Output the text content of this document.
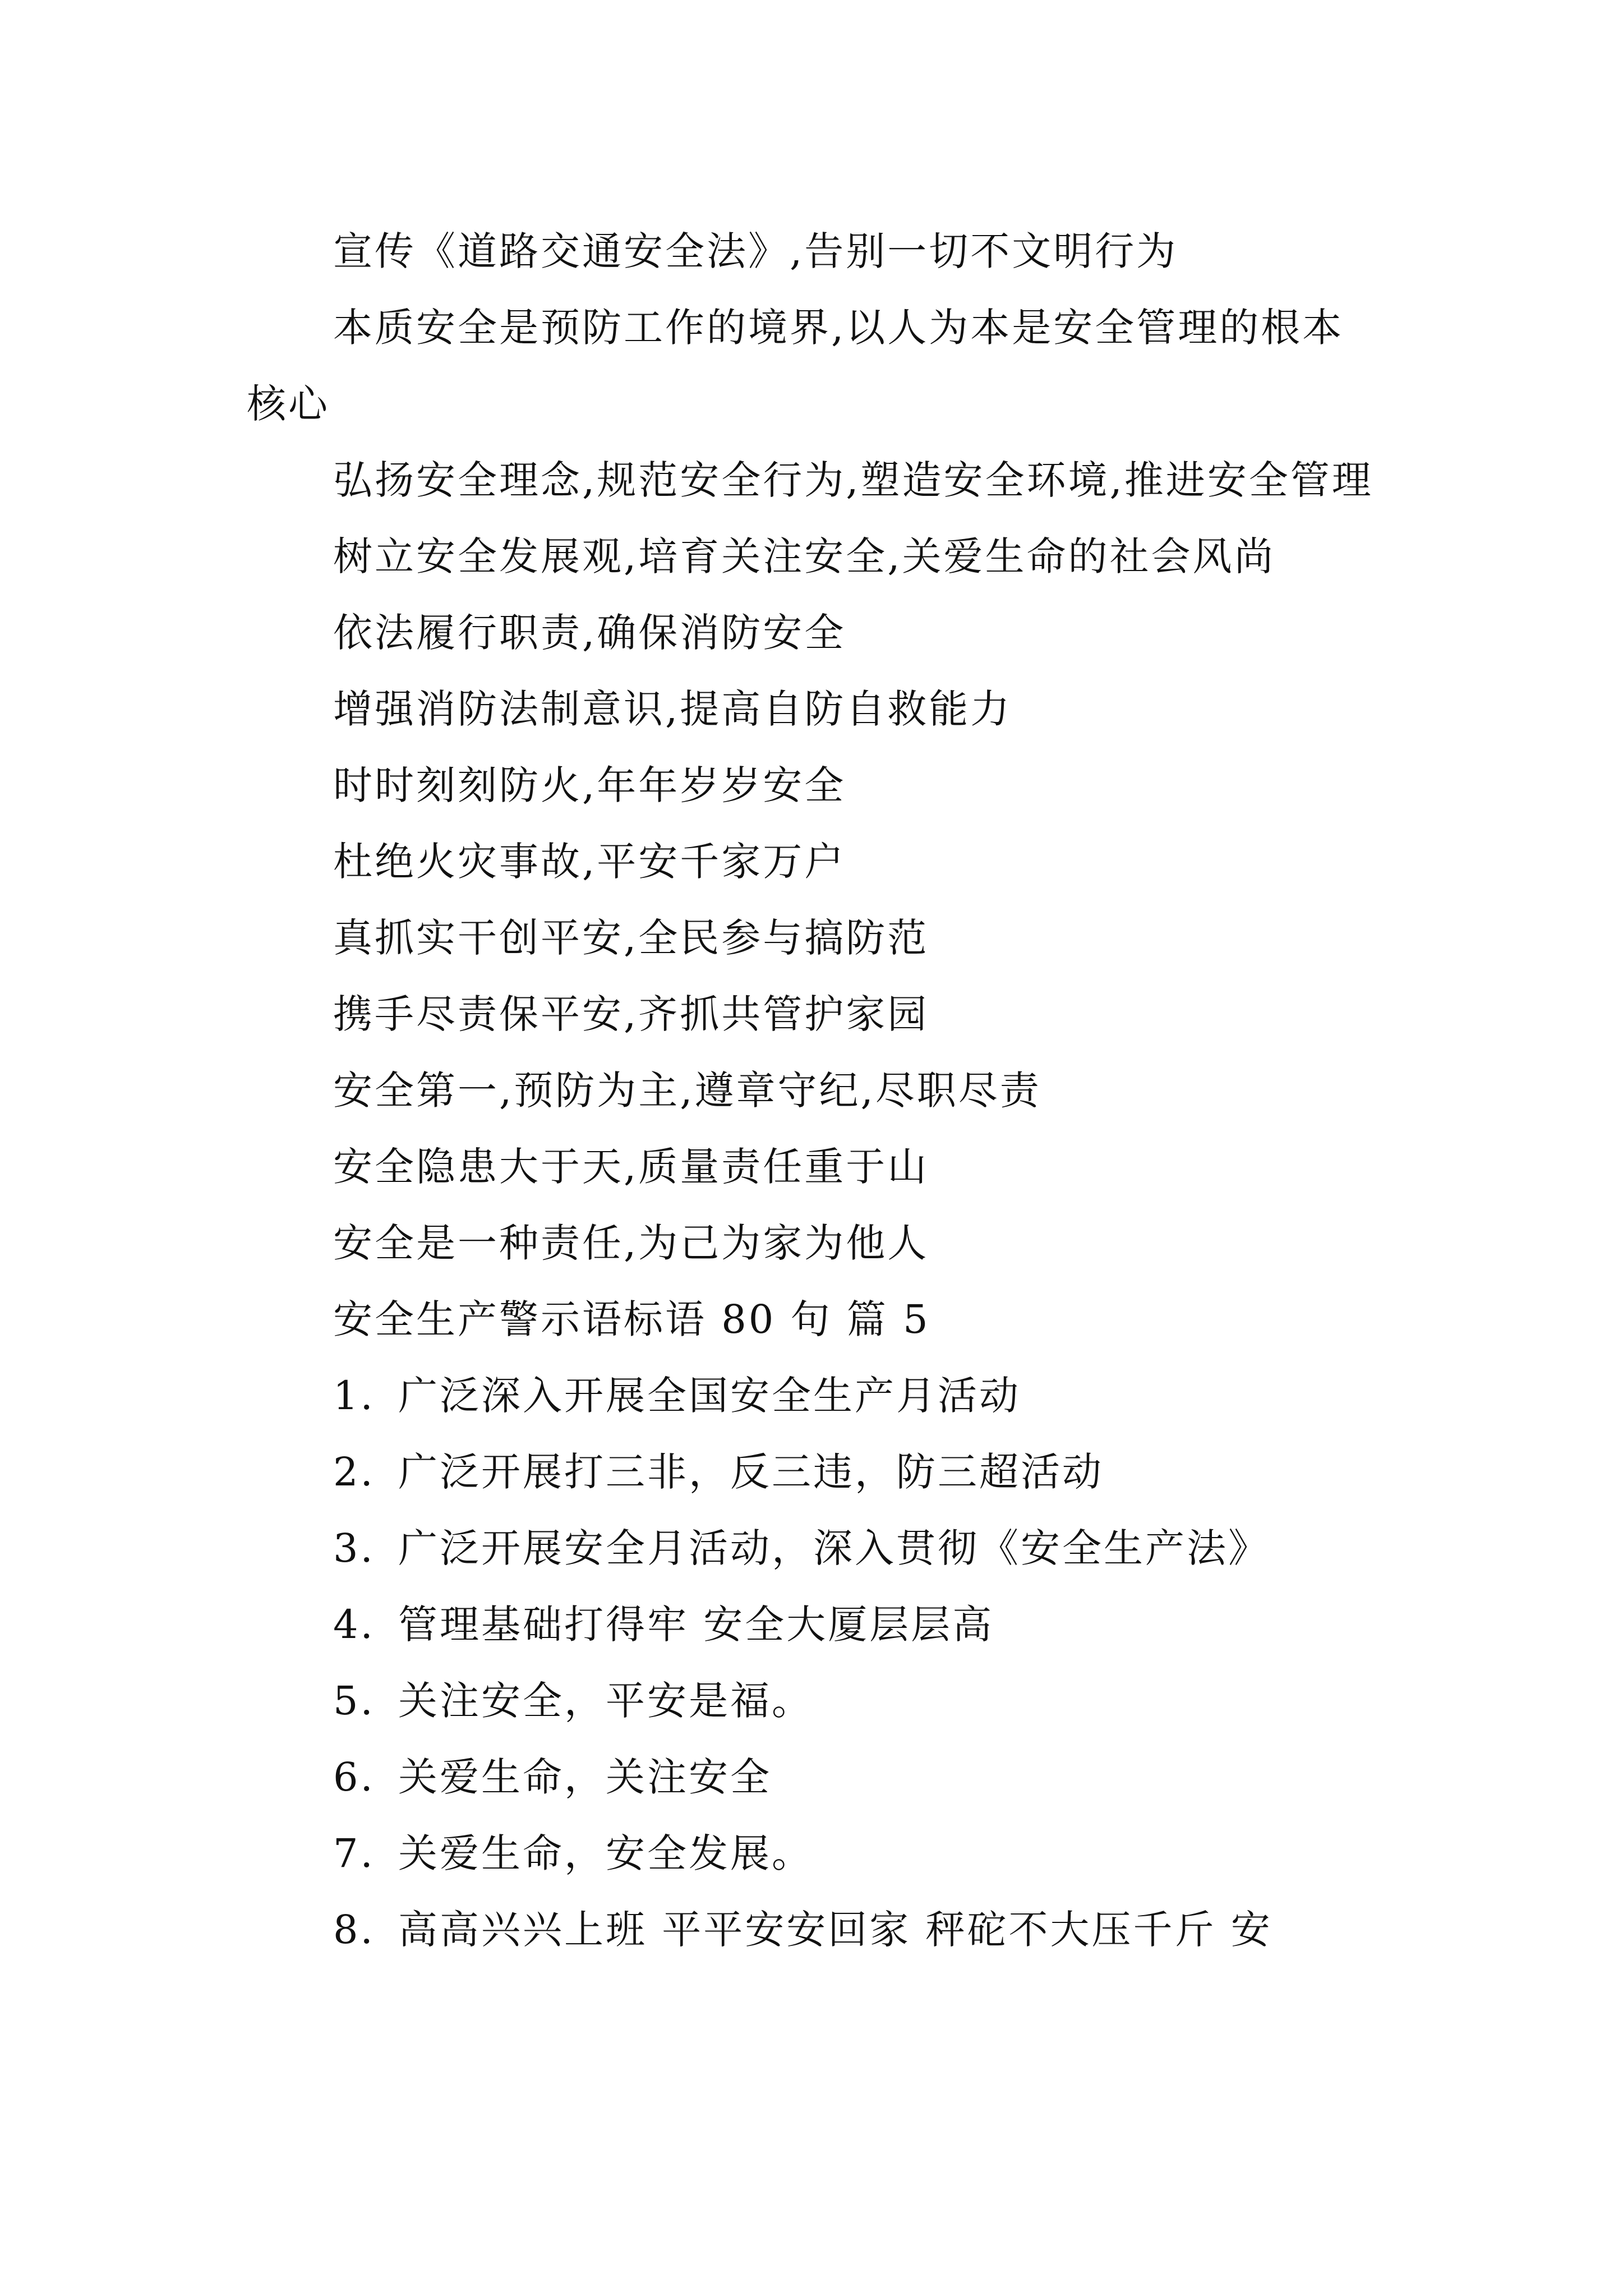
宣传《道路交通安全法》,告别一切不文明行为

本质安全是预防工作的境界,以人为本是安全管理的根本核心

弘扬安全理念,规范安全行为,塑造安全环境,推进安全管理

树立安全发展观,培育关注安全,关爱生命的社会风尚

依法履行职责,确保消防安全

增强消防法制意识,提高自防自救能力

时时刻刻防火,年年岁岁安全

杜绝火灾事故,平安千家万户

真抓实干创平安,全民参与搞防范

携手尽责保平安,齐抓共管护家园

安全第一,预防为主,遵章守纪,尽职尽责

安全隐患大于天,质量责任重于山

安全是一种责任,为己为家为他人

安全生产警示语标语 80 句 篇 5

1. 广泛深入开展全国安全生产月活动
2. 广泛开展打三非，反三违，防三超活动
3. 广泛开展安全月活动，深入贯彻《安全生产法》
4. 管理基础打得牢 安全大厦层层高
5. 关注安全，平安是福。
6. 关爱生命，关注安全
7. 关爱生命，安全发展。
8. 高高兴兴上班 平平安安回家 秤砣不大压千斤 安
